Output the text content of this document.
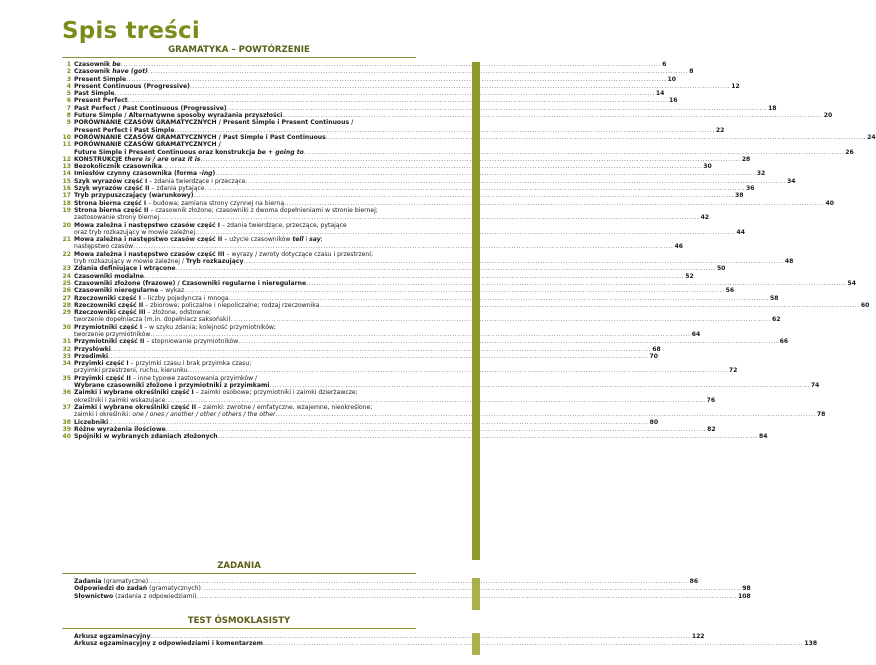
Spis treści
GRAMATYKA – POWTÓRZENIE
1 Czasownik be .....	6
2 Czasownik have (got) .....	8
3 Present Simple .....	10
4 Present Continuous (Progressive) .....	12
5 Past Simple .....	14
6 Present Perfect .....	16
7 Past Perfect / Past Continuous (Progressive) .....	18
8 Future Simple / Alternatywne sposoby wyrażania przyszłości .....	20
9 PORÓWNANIE CZASÓW GRAMATYCZNYCH / Present Simple i Present Continuous /
Present Perfect i Past Simple .....	22
10 PORÓWNANIE CZASÓW GRAMATYCZNYCH / Past Simple i Past Continuous .....	24
11 PORÓWNANIE CZASÓW GRAMATYCZNYCH /
Future Simple i Present Continuous oraz konstrukcja be + going to .....	26
12 KONSTRUKCJE there is / are oraz it is .....	28
13 Bezokolicznik czasownika .....	30
14 Imiesłów czynny czasownika (forma -ing) .....	32
15 Szyk wyrazów część I – zdania twierdzące i przeczące .....	34
16 Szyk wyrazów część II – zdania pytające .....	36
17 Tryb przypuszczający (warunkowy) .....	38
18 Strona bierna część I – budowa; zamiana strony czynnej na bierną .....	40
19 Strona bierna część II – czasownik złożone; czasowniki z dwoma dopełnieniami w stronie biernej;
zastosowanie strony biernej .....	42
20 Mowa zależna i następstwo czasów część I – zdania twierdzące, przeczące, pytające
oraz tryb rozkazujący w mowie zależnej .....	44
21 Mowa zależna i następstwo czasów część II – użycie czasowników tell i say;
następstwo czasów .....	46
22 Mowa zależna i następstwo czasów część III – wyrazy / zwroty dotyczące czasu i przestrzeni;
tryb rozkazujący w mowie zależnej / Tryb rozkazujący .....	48
23 Zdania definiujące i wtrącone .....	50
24 Czasowniki modalne .....	52
25 Czasowniki złożone (frazowe) / Czasowniki regularne i nieregularne .....	54
26 Czasowniki nieregularne – wykaz .....	56
27 Rzeczowniki część I – liczby pojedyncza i mnoga .....	58
28 Rzeczowniki część II – zbiorowe; policzalne i niepoliczalne; rodzaj rzeczownika .....	60
29 Rzeczowniki część III – złożone, odstowne;
tworzenie dopełniacza (m.in. dopełniacz saksoński) .....	62
30 Przymiotniki część I – w szyku zdania; kolejność przymiotników;
tworzenie przymiotników .....	64
31 Przymiotniki część II – stopniowanie przymiotników .....	66
32 Przysłówki .....	68
33 Przedimki .....	70
34 Przyimki część I – przyimki czasu i brak przyimka czasu;
przyimki przestrzeni, ruchu, kierunku .....	72
35 Przyimki część II – inne typowe zastosowania przyimków /
Wybrane czasowniki złożone i przymiotniki z przyimkami .....	74
36 Zaimki i wybrane określniki część I – zaimki osobowe; przymiotniki i zaimki dzierżawcze;
określniki i zaimki wskazujące .....	76
37 Zaimki i wybrane określniki część II – zaimki: zwrotne / emfatyczne, wzajemne, nieokreślone;
zaimki i określniki: one / ones / another / other / others / the other .....	78
38 Liczebniki .....	80
39 Różne wyrażenia ilościowe .....	82
40 Spójniki w wybranych zdaniach złożonych .....	84
ZADANIA
Zadania (gramatyczne) .....	86
Odpowiedzi do zadań (gramatycznych) .....	98
Słownictwo (zadania z odpowiedziami) .....	108
TEST ÓSMOKLASISTY
Arkusz egzaminacyjny .....	122
Arkusz egzaminacyjny z odpowiedziami i komentarzem .....	138
